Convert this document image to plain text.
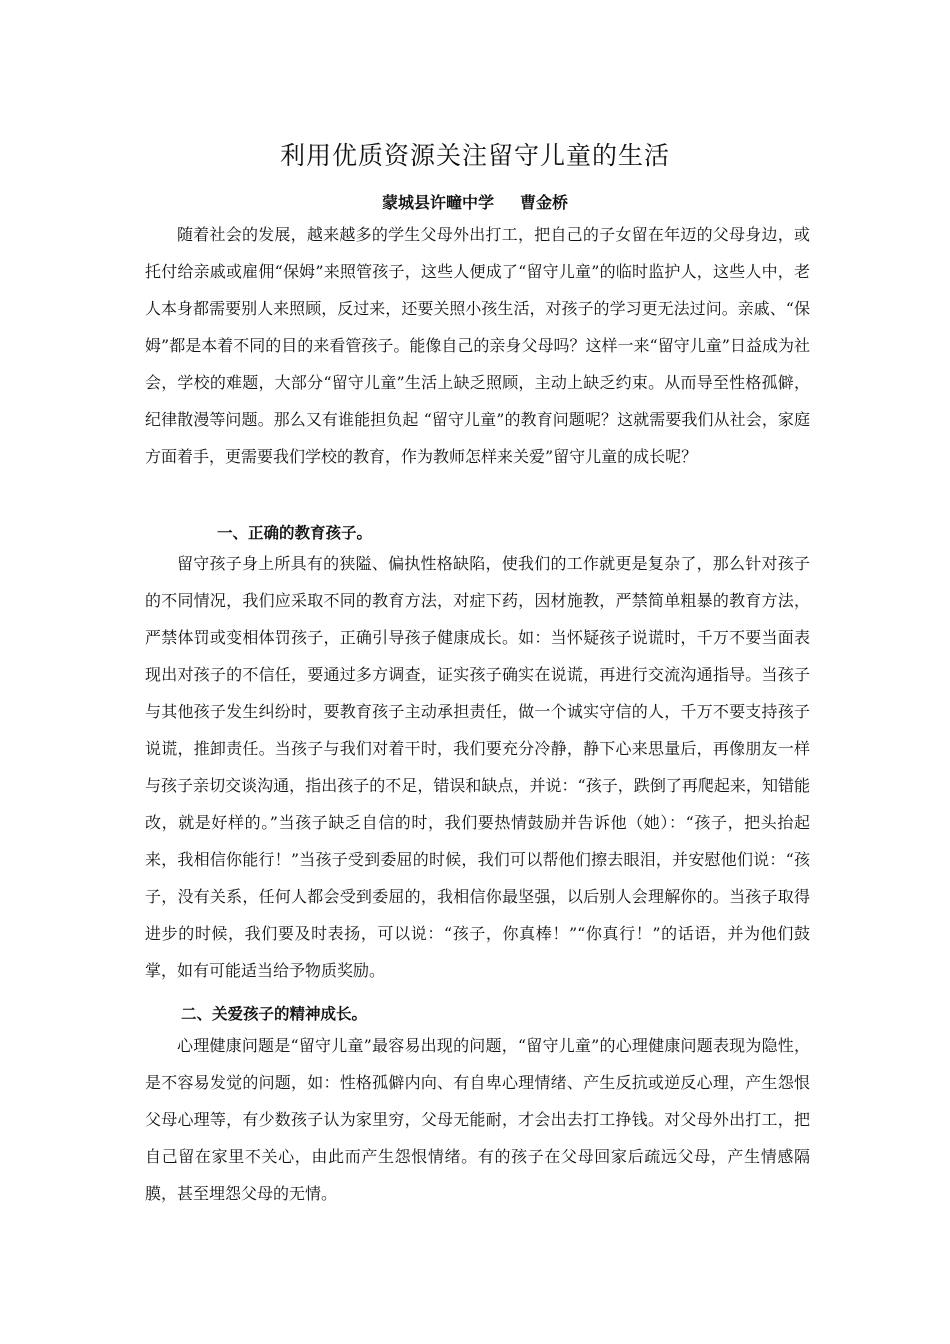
利用优质资源关注留守儿童的生活
蒙城县许疃中学 曹金桥

随着社会的发展，越来越多的学生父母外出打工，把自己的子女留在年迈的父母身边，或托付给亲戚或雇佣“保姆”来照管孩子，这些人便成了“留守儿童”的临时监护人，这些人中，老人本身都需要别人来照顾，反过来，还要关照小孩生活，对孩子的学习更无法过问。亲戚、“保姆”都是本着不同的目的来看管孩子。能像自己的亲身父母吗？这样一来“留守儿童”日益成为社会，学校的难题，大部分“留守儿童”生活上缺乏照顾，主动上缺乏约束。从而导至性格孤僻，纪律散漫等问题。那么又有谁能担负起 “留守儿童”的教育问题呢？这就需要我们从社会，家庭方面着手，更需要我们学校的教育，作为教师怎样来关爱”留守儿童的成长呢？

一、正确的教育孩子。

留守孩子身上所具有的狭隘、偏执性格缺陷，使我们的工作就更是复杂了，那么针对孩子的不同情况，我们应采取不同的教育方法，对症下药，因材施教，严禁简单粗暴的教育方法，严禁体罚或变相体罚孩子，正确引导孩子健康成长。如：当怀疑孩子说谎时，千万不要当面表现出对孩子的不信任，要通过多方调查，证实孩子确实在说谎，再进行交流沟通指导。当孩子与其他孩子发生纠纷时，要教育孩子主动承担责任，做一个诚实守信的人，千万不要支持孩子说谎，推卸责任。当孩子与我们对着干时，我们要充分冷静，静下心来思量后，再像朋友一样与孩子亲切交谈沟通，指出孩子的不足，错误和缺点，并说：“孩子，跌倒了再爬起来，知错能改，就是好样的。”当孩子缺乏自信的时，我们要热情鼓励并告诉他（她）：“孩子，把头抬起来，我相信你能行！”当孩子受到委屈的时候，我们可以帮他们擦去眼泪，并安慰他们说：“孩子，没有关系，任何人都会受到委屈的，我相信你最坚强，以后别人会理解你的。当孩子取得进步的时候，我们要及时表扬，可以说：“孩子，你真棒！”“你真行！”的话语，并为他们鼓掌，如有可能适当给予物质奖励。

二、关爱孩子的精神成长。

心理健康问题是“留守儿童”最容易出现的问题，“留守儿童”的心理健康问题表现为隐性，是不容易发觉的问题，如：性格孤僻内向、有自卑心理情绪、产生反抗或逆反心理，产生怨恨父母心理等，有少数孩子认为家里穷，父母无能耐，才会出去打工挣钱。对父母外出打工，把自己留在家里不关心，由此而产生怨恨情绪。有的孩子在父母回家后疏远父母，产生情感隔膜，甚至埋怨父母的无情。
